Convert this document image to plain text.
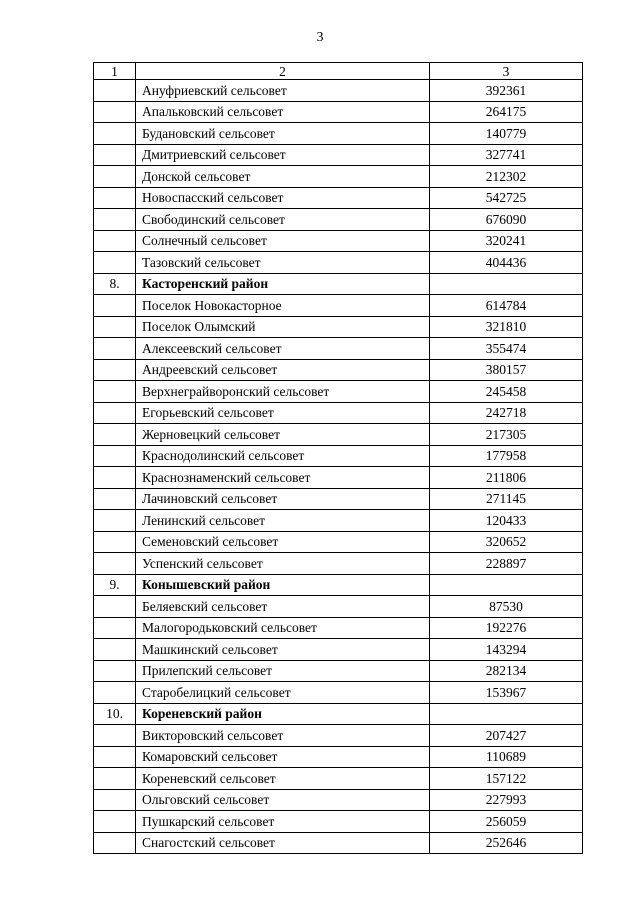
3
1	2	3
	Ануфриевский сельсовет	392361
	Апальковский сельсовет	264175
	Будановский сельсовет	140779
	Дмитриевский сельсовет	327741
	Донской сельсовет	212302
	Новоспасский сельсовет	542725
	Свободинский сельсовет	676090
	Солнечный сельсовет	320241
	Тазовский сельсовет	404436
8.	Касторенский район	
	Поселок Новокасторное	614784
	Поселок Олымский	321810
	Алексеевский сельсовет	355474
	Андреевский сельсовет	380157
	Верхнеграйворонский сельсовет	245458
	Егорьевский сельсовет	242718
	Жерновецкий сельсовет	217305
	Краснодолинский сельсовет	177958
	Краснознаменский сельсовет	211806
	Лачиновский сельсовет	271145
	Ленинский сельсовет	120433
	Семеновский сельсовет	320652
	Успенский сельсовет	228897
9.	Конышевский район	
	Беляевский сельсовет	87530
	Малогородьковский сельсовет	192276
	Машкинский сельсовет	143294
	Прилепский сельсовет	282134
	Старобелицкий сельсовет	153967
10.	Кореневский район	
	Викторовский сельсовет	207427
	Комаровский сельсовет	110689
	Кореневский сельсовет	157122
	Ольговский сельсовет	227993
	Пушкарский сельсовет	256059
	Снагостский сельсовет	252646
